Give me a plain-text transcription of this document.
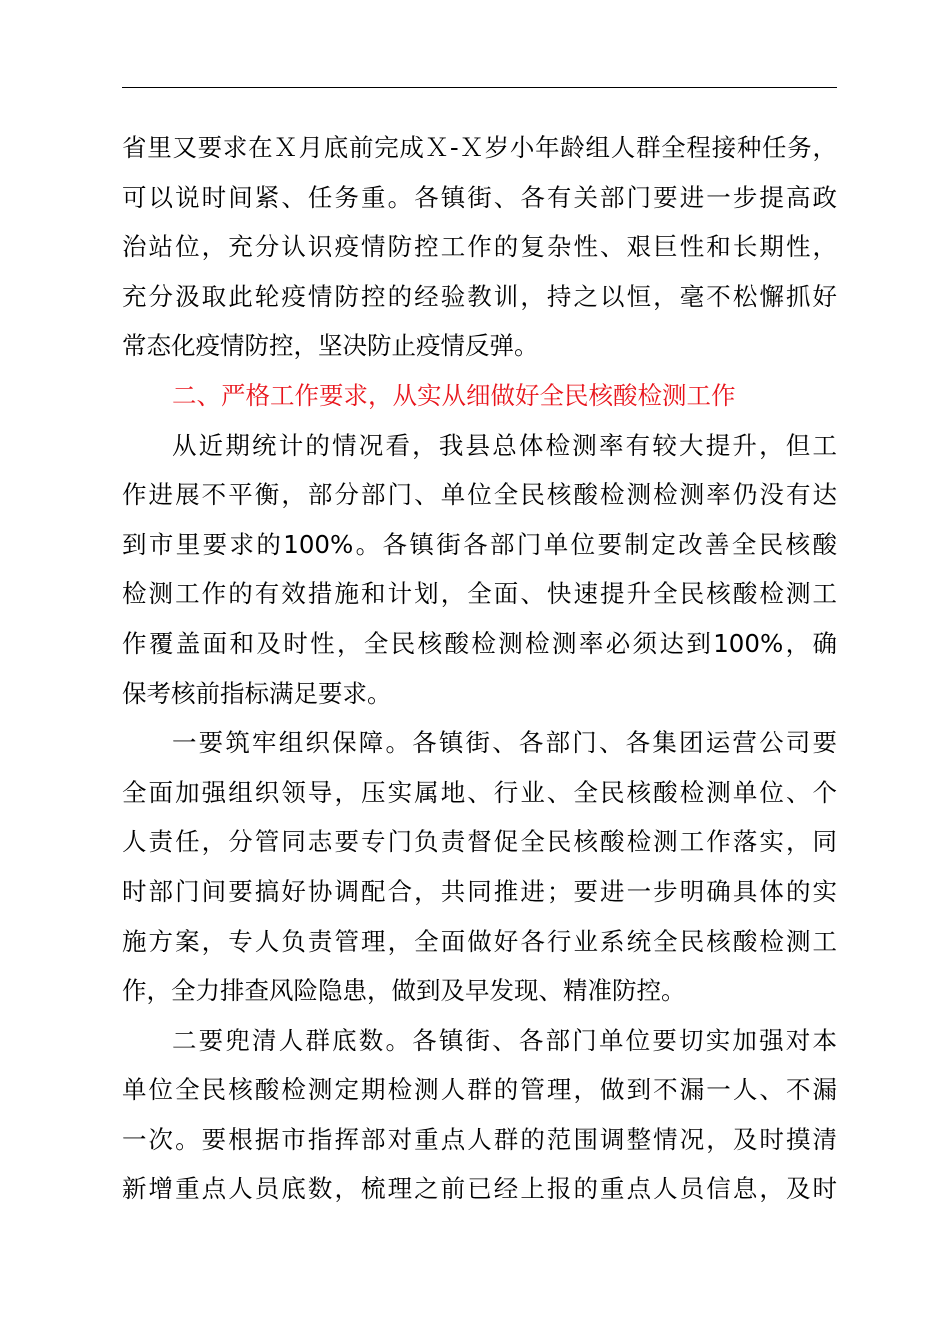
省里又要求在Ｘ月底前完成Ｘ-Ｘ岁小年龄组人群全程接种任务，
可以说时间紧、任务重。各镇街、各有关部门要进一步提高政
治站位，充分认识疫情防控工作的复杂性、艰巨性和长期性，
充分汲取此轮疫情防控的经验教训，持之以恒，毫不松懈抓好
常态化疫情防控，坚决防止疫情反弹。
二、严格工作要求，从实从细做好全民核酸检测工作
从近期统计的情况看，我县总体检测率有较大提升，但工
作进展不平衡，部分部门、单位全民核酸检测检测率仍没有达
到市里要求的100%。各镇街各部门单位要制定改善全民核酸
检测工作的有效措施和计划，全面、快速提升全民核酸检测工
作覆盖面和及时性，全民核酸检测检测率必须达到100%，确
保考核前指标满足要求。
一要筑牢组织保障。各镇街、各部门、各集团运营公司要
全面加强组织领导，压实属地、行业、全民核酸检测单位、个
人责任，分管同志要专门负责督促全民核酸检测工作落实，同
时部门间要搞好协调配合，共同推进；要进一步明确具体的实
施方案，专人负责管理，全面做好各行业系统全民核酸检测工
作，全力排查风险隐患，做到及早发现、精准防控。
二要兜清人群底数。各镇街、各部门单位要切实加强对本
单位全民核酸检测定期检测人群的管理，做到不漏一人、不漏
一次。要根据市指挥部对重点人群的范围调整情况，及时摸清
新增重点人员底数，梳理之前已经上报的重点人员信息，及时
